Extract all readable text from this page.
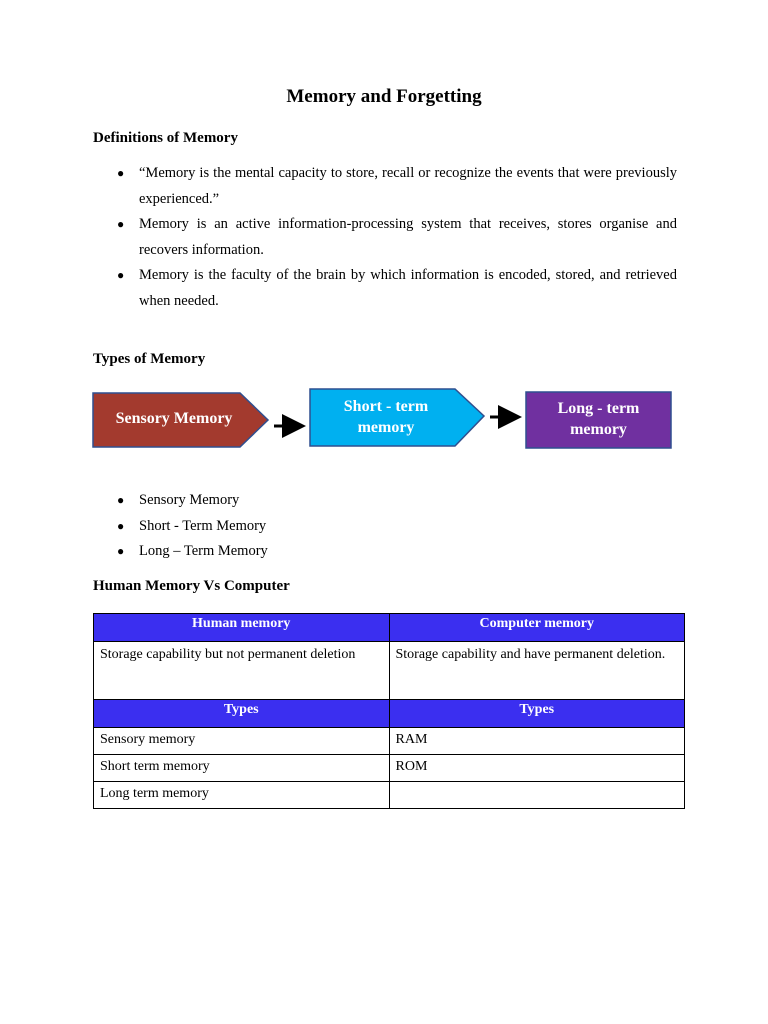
Memory and Forgetting
Definitions of Memory
● “Memory is the mental capacity to store, recall or recognize the events that were previously experienced.”
● Memory is an active information-processing system that receives, stores organise and recovers information.
● Memory is the faculty of the brain by which information is encoded, stored, and retrieved when needed.
Types of Memory
Sensory Memory
Short - term memory
Long - term memory
● Sensory Memory
● Short - Term Memory
● Long – Term Memory
Human Memory Vs Computer
Human memory	Computer memory
Storage capability but not permanent deletion	Storage capability and have permanent deletion.
Types	Types
Sensory memory	RAM
Short term memory	ROM
Long term memory	
